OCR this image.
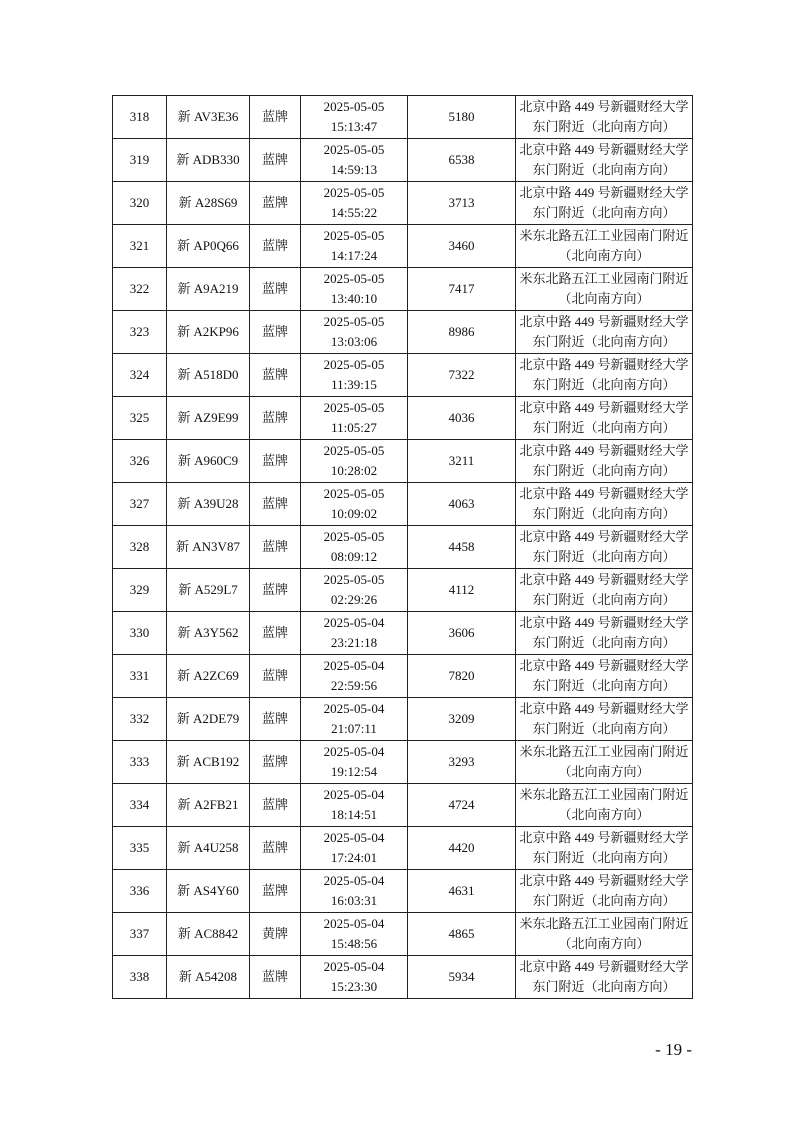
318	新 AV3E36	蓝牌	2025-05-05
15:13:47	5180	北京中路 449 号新疆财经大学
东门附近（北向南方向）

319	新 ADB330	蓝牌	2025-05-05
14:59:13	6538	北京中路 449 号新疆财经大学
东门附近（北向南方向）

320	新 A28S69	蓝牌	2025-05-05
14:55:22	3713	北京中路 449 号新疆财经大学
东门附近（北向南方向）

321	新 AP0Q66	蓝牌	2025-05-05
14:17:24	3460	米东北路五江工业园南门附近
（北向南方向）

322	新 A9A219	蓝牌	2025-05-05
13:40:10	7417	米东北路五江工业园南门附近
（北向南方向）

323	新 A2KP96	蓝牌	2025-05-05
13:03:06	8986	北京中路 449 号新疆财经大学
东门附近（北向南方向）

324	新 A518D0	蓝牌	2025-05-05
11:39:15	7322	北京中路 449 号新疆财经大学
东门附近（北向南方向）

325	新 AZ9E99	蓝牌	2025-05-05
11:05:27	4036	北京中路 449 号新疆财经大学
东门附近（北向南方向）

326	新 A960C9	蓝牌	2025-05-05
10:28:02	3211	北京中路 449 号新疆财经大学
东门附近（北向南方向）

327	新 A39U28	蓝牌	2025-05-05
10:09:02	4063	北京中路 449 号新疆财经大学
东门附近（北向南方向）

328	新 AN3V87	蓝牌	2025-05-05
08:09:12	4458	北京中路 449 号新疆财经大学
东门附近（北向南方向）

329	新 A529L7	蓝牌	2025-05-05
02:29:26	4112	北京中路 449 号新疆财经大学
东门附近（北向南方向）

330	新 A3Y562	蓝牌	2025-05-04
23:21:18	3606	北京中路 449 号新疆财经大学
东门附近（北向南方向）

331	新 A2ZC69	蓝牌	2025-05-04
22:59:56	7820	北京中路 449 号新疆财经大学
东门附近（北向南方向）

332	新 A2DE79	蓝牌	2025-05-04
21:07:11	3209	北京中路 449 号新疆财经大学
东门附近（北向南方向）

333	新 ACB192	蓝牌	2025-05-04
19:12:54	3293	米东北路五江工业园南门附近
（北向南方向）

334	新 A2FB21	蓝牌	2025-05-04
18:14:51	4724	米东北路五江工业园南门附近
（北向南方向）

335	新 A4U258	蓝牌	2025-05-04
17:24:01	4420	北京中路 449 号新疆财经大学
东门附近（北向南方向）

336	新 AS4Y60	蓝牌	2025-05-04
16:03:31	4631	北京中路 449 号新疆财经大学
东门附近（北向南方向）

337	新 AC8842	黄牌	2025-05-04
15:48:56	4865	米东北路五江工业园南门附近
（北向南方向）

338	新 A54208	蓝牌	2025-05-04
15:23:30	5934	北京中路 449 号新疆财经大学
东门附近（北向南方向）
- 19 -
